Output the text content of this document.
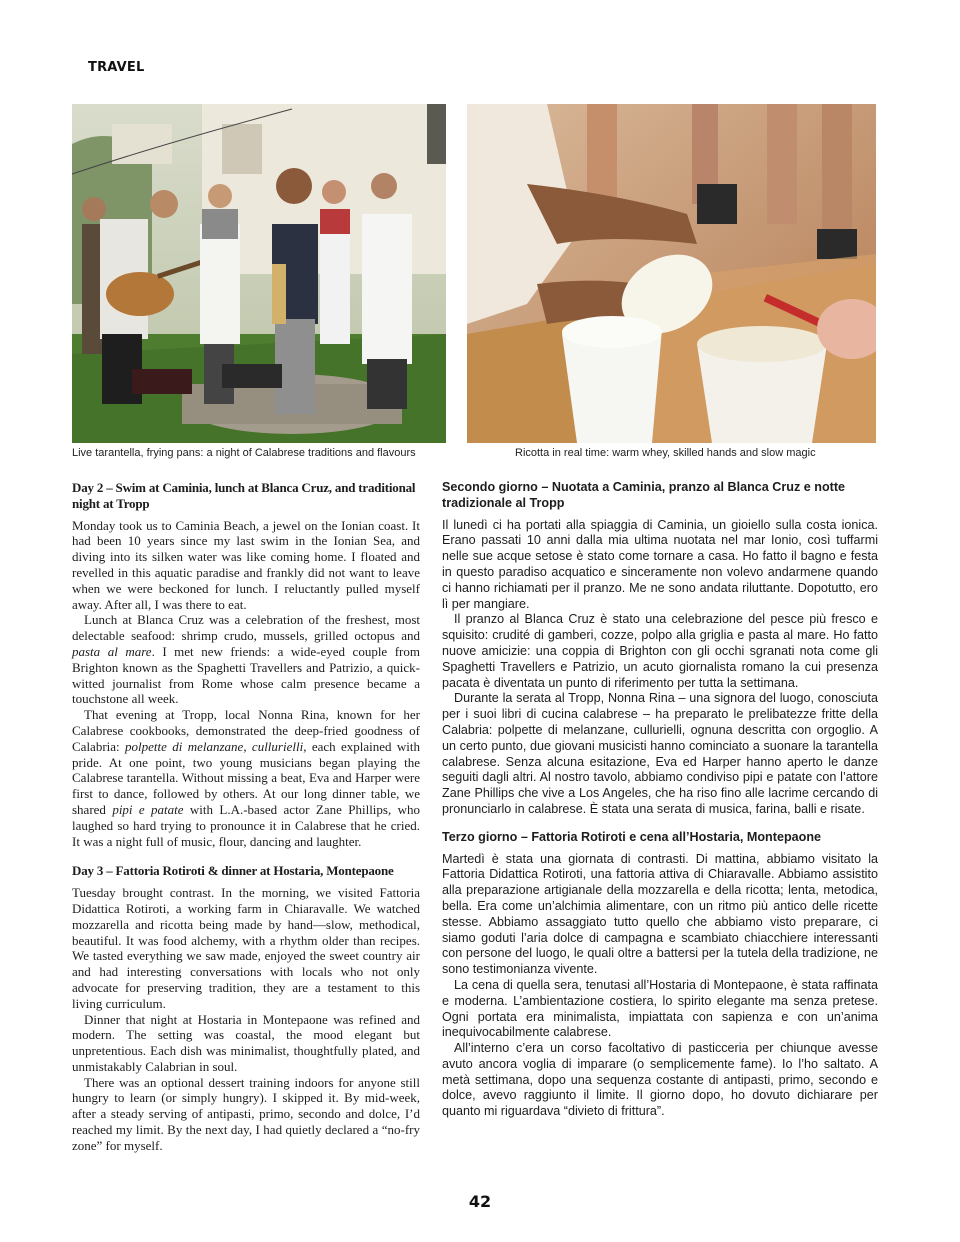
TRAVEL
Live tarantella, frying pans: a night of Calabrese traditions and flavours	Ricotta in real time: warm whey, skilled hands and slow magic
Day 2 – Swim at Caminia, lunch at Blanca Cruz, and traditional night at Tropp

Monday took us to Caminia Beach, a jewel on the Ionian coast. It had been 10 years since my last swim in the Ionian Sea, and diving into its silken water was like coming home. I floated and revelled in this aquatic paradise and frankly did not want to leave when we were beckoned for lunch. I reluctantly pulled myself away. After all, I was there to eat.

Lunch at Blanca Cruz was a celebration of the freshest, most delectable seafood: shrimp crudo, mussels, grilled octopus and pasta al mare. I met new friends: a wide-eyed couple from Brighton known as the Spaghetti Travellers and Patrizio, a quick-witted journalist from Rome whose calm presence became a touchstone all week.

That evening at Tropp, local Nonna Rina, known for her Calabrese cookbooks, demonstrated the deep-fried goodness of Calabria: polpette di melanzane, cullurielli, each explained with pride. At one point, two young musicians began playing the Calabrese tarantella. Without missing a beat, Eva and Harper were first to dance, followed by others. At our long dinner table, we shared pipi e patate with L.A.-based actor Zane Phillips, who laughed so hard trying to pronounce it in Calabrese that he cried. It was a night full of music, flour, dancing and laughter.

Day 3 – Fattoria Rotiroti & dinner at Hostaria, Montepaone

Tuesday brought contrast. In the morning, we visited Fattoria Didattica Rotiroti, a working farm in Chiaravalle. We watched mozzarella and ricotta being made by hand—slow, methodical, beautiful. It was food alchemy, with a rhythm older than recipes. We tasted everything we saw made, enjoyed the sweet country air and had interesting conversations with locals who not only advocate for preserving tradition, they are a testament to this living curriculum.

Dinner that night at Hostaria in Montepaone was refined and modern. The setting was coastal, the mood elegant but unpretentious. Each dish was minimalist, thoughtfully plated, and unmistakably Calabrian in soul.

There was an optional dessert training indoors for anyone still hungry to learn (or simply hungry). I skipped it. By mid-week, after a steady serving of antipasti, primo, secondo and dolce, I’d reached my limit. By the next day, I had quietly declared a “no-fry zone” for myself.

Secondo giorno – Nuotata a Caminia, pranzo al Blanca Cruz e notte tradizionale al Tropp

Il lunedì ci ha portati alla spiaggia di Caminia, un gioiello sulla costa ionica. Erano passati 10 anni dalla mia ultima nuotata nel mar Ionio, così tuffarmi nelle sue acque setose è stato come tornare a casa. Ho fatto il bagno e festa in questo paradiso acquatico e sinceramente non volevo andarmene quando ci hanno richiamati per il pranzo. Me ne sono andata riluttante. Dopotutto, ero lì per mangiare.

Il pranzo al Blanca Cruz è stato una celebrazione del pesce più fresco e squisito: crudité di gamberi, cozze, polpo alla griglia e pasta al mare. Ho fatto nuove amicizie: una coppia di Brighton con gli occhi sgranati nota come gli Spaghetti Travellers e Patrizio, un acuto giornalista romano la cui presenza pacata è diventata un punto di riferimento per tutta la settimana.

Durante la serata al Tropp, Nonna Rina – una signora del luogo, conosciuta per i suoi libri di cucina calabrese – ha preparato le prelibatezze fritte della Calabria: polpette di melanzane, cullurielli, ognuna descritta con orgoglio. A un certo punto, due giovani musicisti hanno cominciato a suonare la tarantella calabrese. Senza alcuna esitazione, Eva ed Harper hanno aperto le danze seguiti dagli altri. Al nostro tavolo, abbiamo condiviso pipi e patate con l’attore Zane Phillips che vive a Los Angeles, che ha riso fino alle lacrime cercando di pronunciarlo in calabrese. È stata una serata di musica, farina, balli e risate.

Terzo giorno – Fattoria Rotiroti e cena all’Hostaria, Montepaone

Martedì è stata una giornata di contrasti. Di mattina, abbiamo visitato la Fattoria Didattica Rotiroti, una fattoria attiva di Chiaravalle. Abbiamo assistito alla preparazione artigianale della mozzarella e della ricotta; lenta, metodica, bella. Era come un’alchimia alimentare, con un ritmo più antico delle ricette stesse. Abbiamo assaggiato tutto quello che abbiamo visto preparare, ci siamo goduti l’aria dolce di campagna e scambiato chiacchiere interessanti con persone del luogo, le quali oltre a battersi per la tutela della tradizione, ne sono testimonianza vivente.

La cena di quella sera, tenutasi all’Hostaria di Montepaone, è stata raffinata e moderna. L’ambientazione costiera, lo spirito elegante ma senza pretese. Ogni portata era minimalista, impiattata con sapienza e con un’anima inequivocabilmente calabrese.

All’interno c’era un corso facoltativo di pasticceria per chiunque avesse avuto ancora voglia di imparare (o semplicemente fame). Io l’ho saltato. A metà settimana, dopo una sequenza costante di antipasti, primo, secondo e dolce, avevo raggiunto il limite. Il giorno dopo, ho dovuto dichiarare per quanto mi riguardava “divieto di frittura”.

42
